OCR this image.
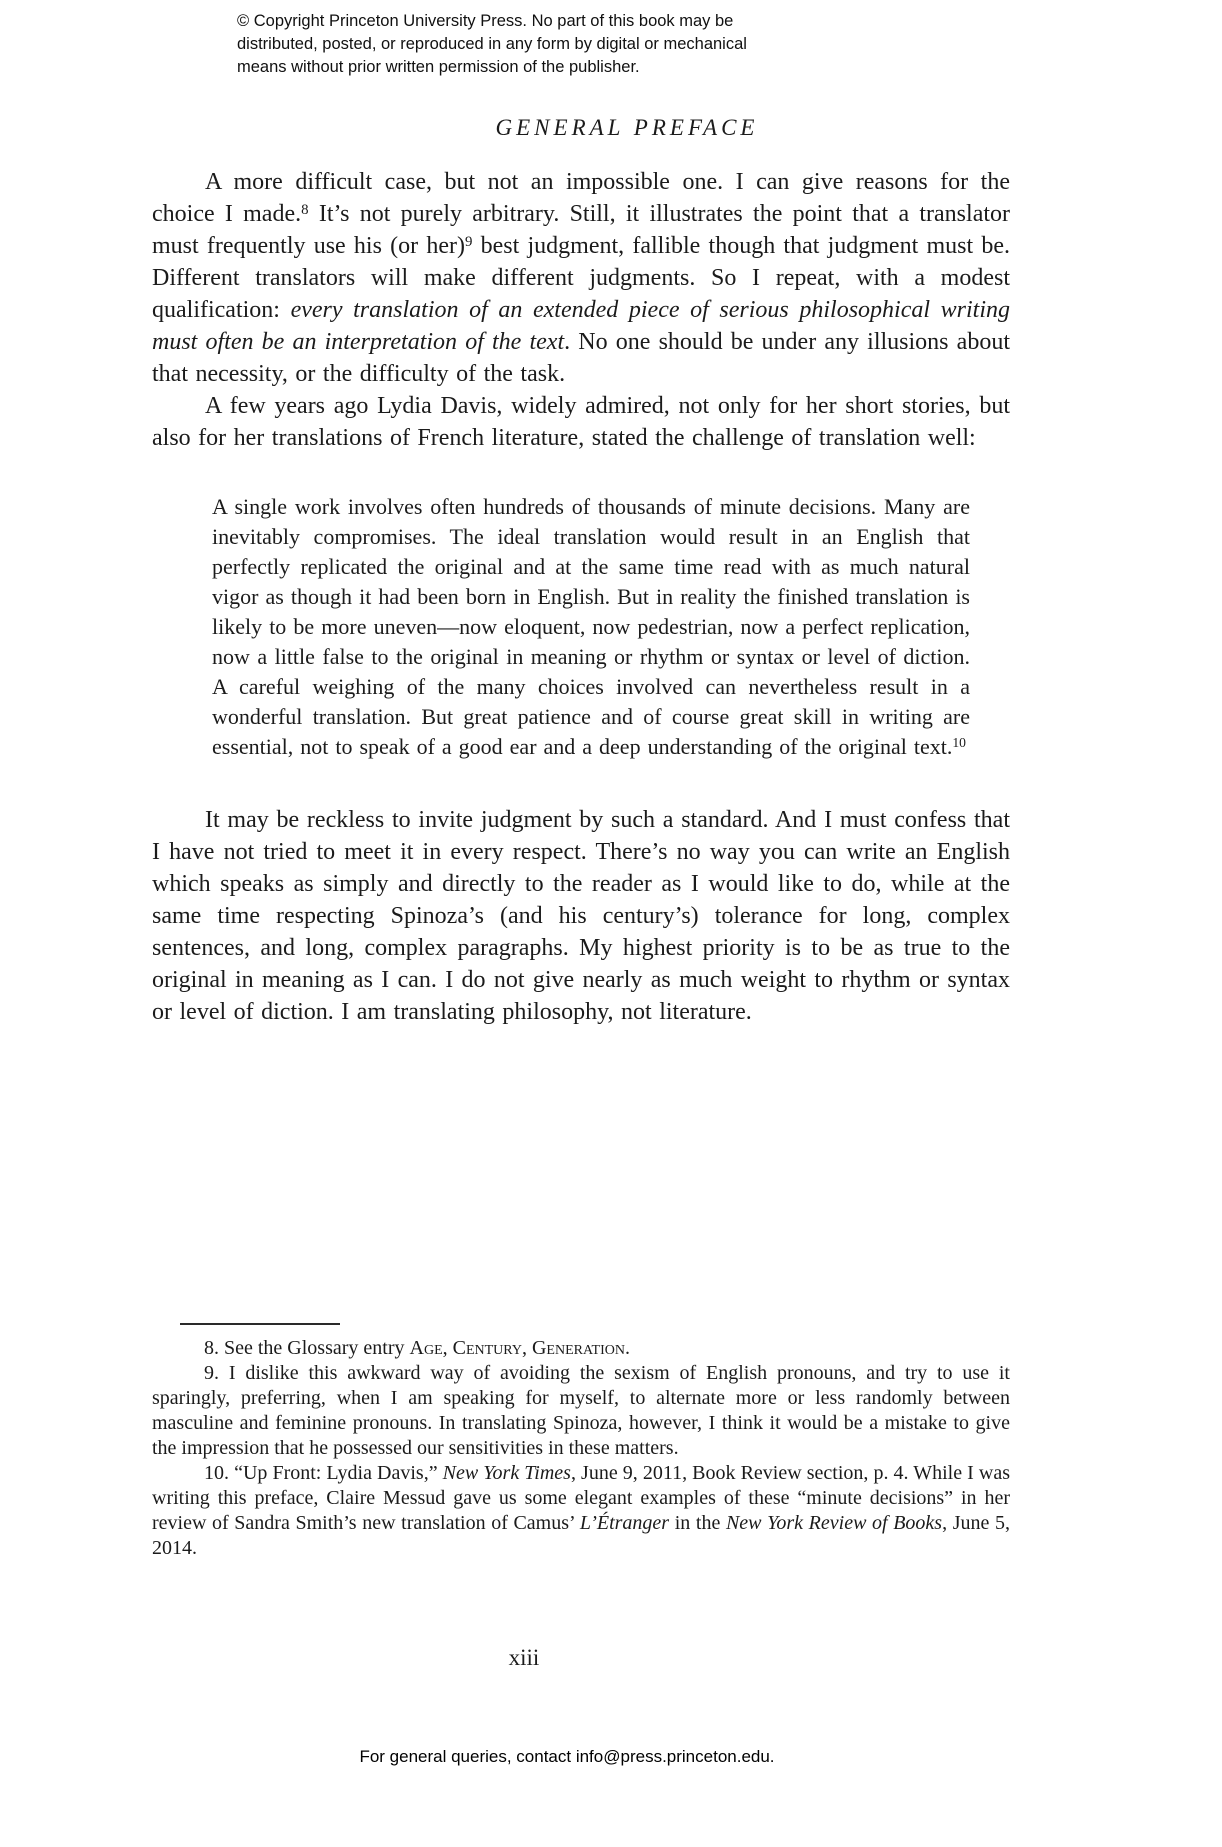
© Copyright Princeton University Press. No part of this book may be
distributed, posted, or reproduced in any form by digital or mechanical
means without prior written permission of the publisher.
GENERAL PREFACE

A more difficult case, but not an impossible one. I can give reasons for the choice I made.$^8$ It’s not purely arbitrary. Still, it illustrates the point that a translator must frequently use his (or her)$^9$ best judgment, fallible though that judgment must be. Different translators will make different judgments. So I repeat, with a modest qualification: every translation of an extended piece of serious philosophical writing must often be an interpretation of the text. No one should be under any illusions about that necessity, or the difficulty of the task.

A few years ago Lydia Davis, widely admired, not only for her short stories, but also for her translations of French literature, stated the challenge of translation well:

A single work involves often hundreds of thousands of minute decisions. Many are inevitably compromises. The ideal translation would result in an English that perfectly replicated the original and at the same time read with as much natural vigor as though it had been born in English. But in reality the finished translation is likely to be more uneven—now eloquent, now pedestrian, now a perfect replication, now a little false to the original in meaning or rhythm or syntax or level of diction. A careful weighing of the many choices involved can nevertheless result in a wonderful translation. But great patience and of course great skill in writing are essential, not to speak of a good ear and a deep understanding of the original text.$^{10}$

It may be reckless to invite judgment by such a standard. And I must confess that I have not tried to meet it in every respect. There’s no way you can write an English which speaks as simply and directly to the reader as I would like to do, while at the same time respecting Spinoza’s (and his century’s) tolerance for long, complex sentences, and long, complex paragraphs. My highest priority is to be as true to the original in meaning as I can. I do not give nearly as much weight to rhythm or syntax or level of diction. I am translating philosophy, not literature.

8. See the Glossary entry Age, Century, Generation.

9. I dislike this awkward way of avoiding the sexism of English pronouns, and try to use it sparingly, preferring, when I am speaking for myself, to alternate more or less randomly between masculine and feminine pronouns. In translating Spinoza, however, I think it would be a mistake to give the impression that he possessed our sensitivities in these matters.

10. “Up Front: Lydia Davis,” New York Times, June 9, 2011, Book Review section, p. 4. While I was writing this preface, Claire Messud gave us some elegant examples of these “minute decisions” in her review of Sandra Smith’s new translation of Camus’ L’Étranger in the New York Review of Books, June 5, 2014.

xiii
For general queries, contact info@press.princeton.edu.
